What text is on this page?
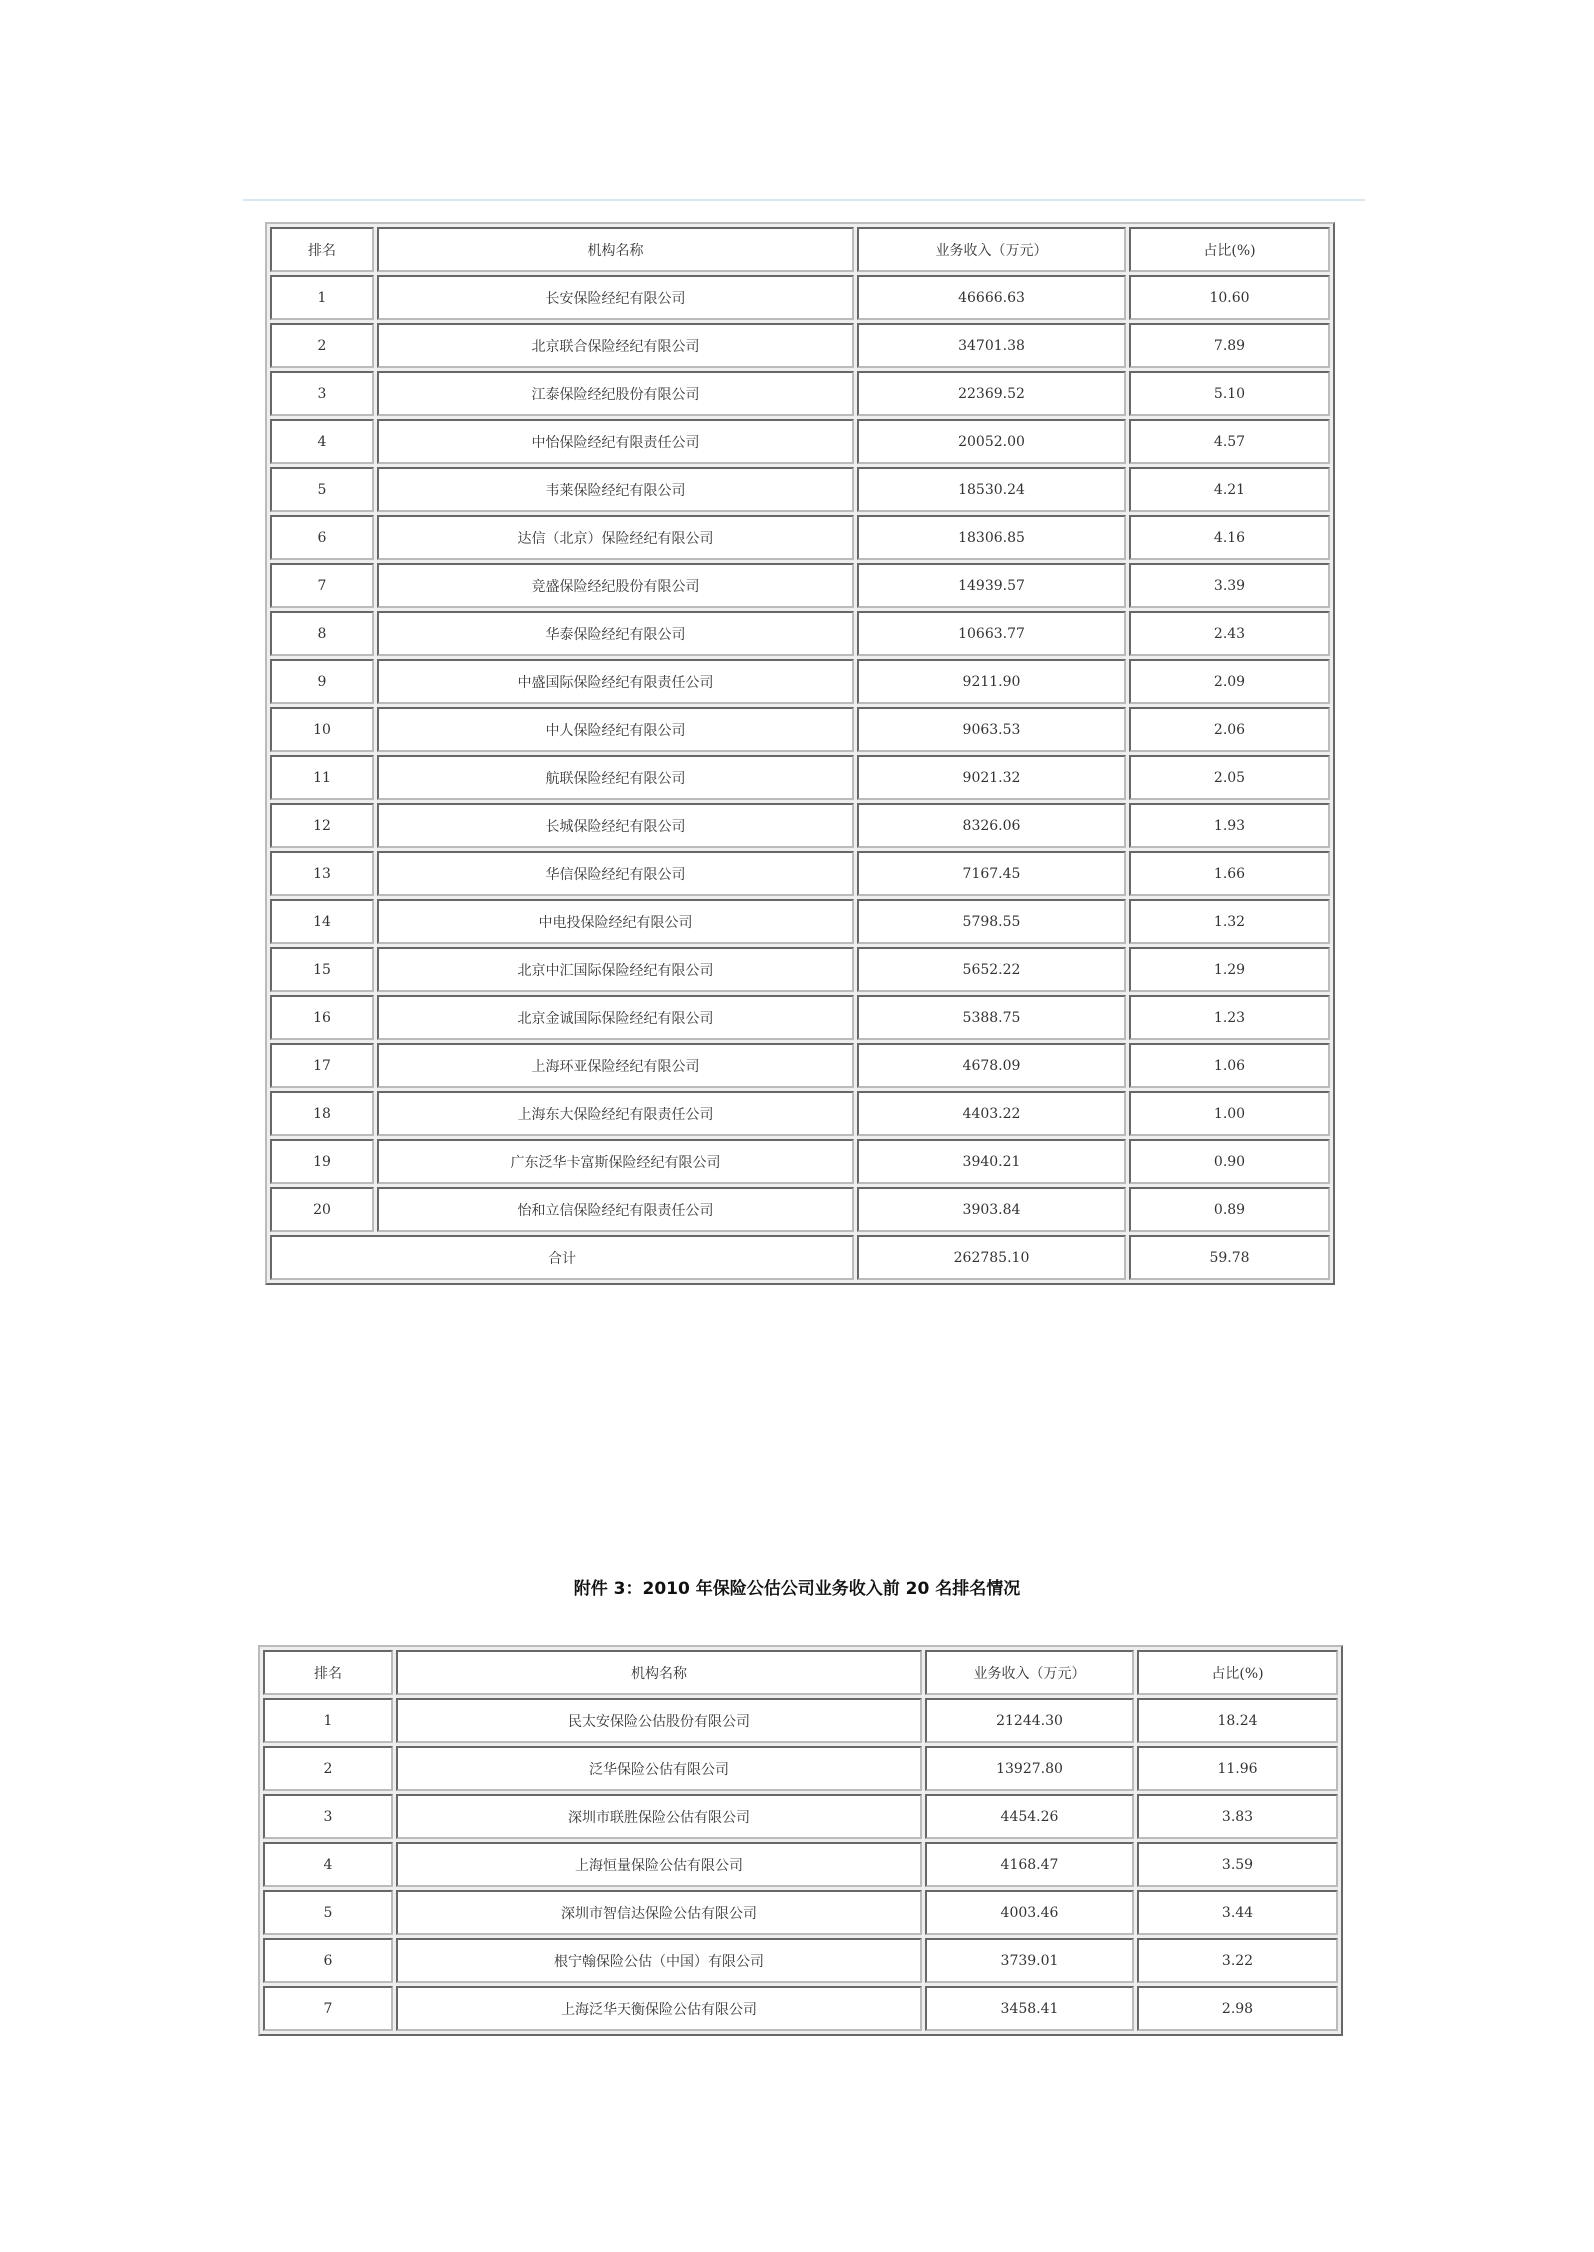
排名	机构名称	业务收入（万元）	占比(%)
1	长安保险经纪有限公司	46666.63	10.60
2	北京联合保险经纪有限公司	34701.38	7.89
3	江泰保险经纪股份有限公司	22369.52	5.10
4	中怡保险经纪有限责任公司	20052.00	4.57
5	韦莱保险经纪有限公司	18530.24	4.21
6	达信（北京）保险经纪有限公司	18306.85	4.16
7	竞盛保险经纪股份有限公司	14939.57	3.39
8	华泰保险经纪有限公司	10663.77	2.43
9	中盛国际保险经纪有限责任公司	9211.90	2.09
10	中人保险经纪有限公司	9063.53	2.06
11	航联保险经纪有限公司	9021.32	2.05
12	长城保险经纪有限公司	8326.06	1.93
13	华信保险经纪有限公司	7167.45	1.66
14	中电投保险经纪有限公司	5798.55	1.32
15	北京中汇国际保险经纪有限公司	5652.22	1.29
16	北京金诚国际保险经纪有限公司	5388.75	1.23
17	上海环亚保险经纪有限公司	4678.09	1.06
18	上海东大保险经纪有限责任公司	4403.22	1.00
19	广东泛华卡富斯保险经纪有限公司	3940.21	0.90
20	怡和立信保险经纪有限责任公司	3903.84	0.89
合计		262785.10	59.78
附件 3：2010 年保险公估公司业务收入前 20 名排名情况
排名	机构名称	业务收入（万元）	占比(%)
1	民太安保险公估股份有限公司	21244.30	18.24
2	泛华保险公估有限公司	13927.80	11.96
3	深圳市联胜保险公估有限公司	4454.26	3.83
4	上海恒量保险公估有限公司	4168.47	3.59
5	深圳市智信达保险公估有限公司	4003.46	3.44
6	根宁翰保险公估（中国）有限公司	3739.01	3.22
7	上海泛华天衡保险公估有限公司	3458.41	2.98
